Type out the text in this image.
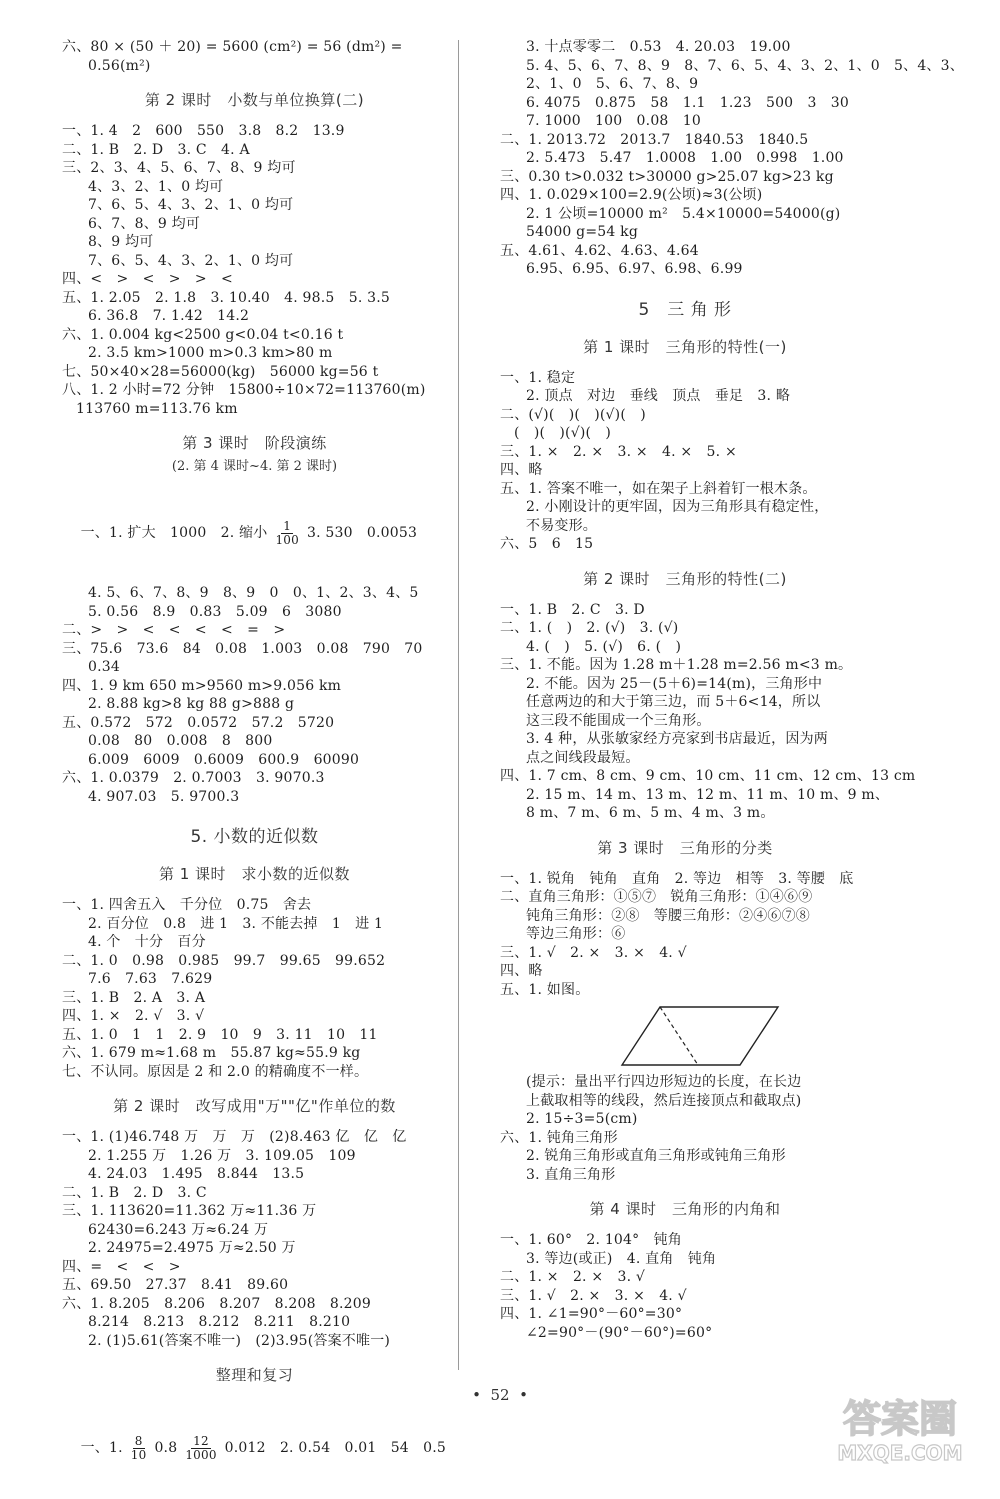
六、80 × (50 ＋ 20) = 5600 (cm²) = 56 (dm²) =
0.56(m²)
第 2 课时　小数与单位换算(二)
一、1. 4　2　600　550　3.8　8.2　13.9
二、1. B　2. D　3. C　4. A
三、2、3、4、5、6、7、8、9 均可
4、3、2、1、0 均可
7、6、5、4、3、2、1、0 均可
6、7、8、9 均可
8、9 均可
7、6、5、4、3、2、1、0 均可
四、<　>　<　>　>　<
五、1. 2.05　2. 1.8　3. 10.40　4. 98.5　5. 3.5
6. 36.8　7. 1.42　14.2
六、1. 0.004 kg<2500 g<0.04 t<0.16 t
2. 3.5 km>1000 m>0.3 km>80 m
七、50×40×28=56000(kg)　56000 kg=56 t
八、1. 2 小时=72 分钟　15800÷10×72=113760(m)
113760 m=113.76 km
第 3 课时　阶段演练
(2. 第 4 课时~4. 第 2 课时)

一、1. 扩大　1000　2. 缩小 $\frac{1}{100} 3$. 530　0.0053

4. 5、6、7、8、9　8、9　0　0、1、2、3、4、5
5. 0.56　8.9　0.83　5.09　6　3080
二、>　>　<　<　<　<　=　>
三、75.6　73.6　84　0.08　1.003　0.08　790　70
0.34
四、1. 9 km 650 m>9560 m>9.056 km
2. 8.88 kg>8 kg 88 g>888 g
五、0.572　572　0.0572　57.2　5720
0.08　80　0.008　8　800
6.009　6009　0.6009　600.9　60090
六、1. 0.0379　2. 0.7003　3. 9070.3
4. 907.03　5. 9700.3
5. 小数的近似数
第 1 课时　求小数的近似数
一、1. 四舍五入　千分位　0.75　舍去
2. 百分位　0.8　进 1　3. 不能去掉　1　进 1
4. 个　十分　百分
二、1. 0　0.98　0.985　99.7　99.65　99.652
7.6　7.63　7.629
三、1. B　2. A　3. A
四、1. ×　2. √　3. √
五、1. 0　1　1　2. 9　10　9　3. 11　10　11
六、1. 679 m≈1.68 m　55.87 kg≈55.9 kg
七、不认同。原因是 2 和 2.0 的精确度不一样。
第 2 课时　改写成用"万""亿"作单位的数
一、1. (1)46.748 万　万　万　(2)8.463 亿　亿　亿
2. 1.255 万　1.26 万　3. 109.05　109
4. 24.03　1.495　8.844　13.5
二、1. B　2. D　3. C
三、1. 113620=11.362 万≈11.36 万
62430=6.243 万≈6.24 万
2. 24975=2.4975 万≈2.50 万
四、=　<　<　>
五、69.50　27.37　8.41　89.60
六、1. 8.205　8.206　8.207　8.208　8.209
8.214　8.213　8.212　8.211　8.210
2. (1)5.61(答案不唯一)　(2)3.95(答案不唯一)
整理和复习

一、1. $\frac{8}{10} 0.8 \frac{12}{1000} 0.012$　2. 0.54　0.01　54　0.5

3. 十点零零二　0.53　4. 20.03　19.00
5. 4、5、6、7、8、9　8、7、6、5、4、3、2、1、0　5、4、3、
2、1、0　5、6、7、8、9
6. 4075　0.875　58　1.1　1.23　500　3　30
7. 1000　100　0.08　10
二、1. 2013.72　2013.7　1840.53　1840.5
2. 5.473　5.47　1.0008　1.00　0.998　1.00
三、0.30 t>0.032 t>30000 g>25.07 kg>23 kg
四、1. 0.029×100=2.9(公顷)≈3(公顷)
2. 1 公顷=10000 m²　5.4×10000=54000(g)
54000 g=54 kg
五、4.61、4.62、4.63、4.64
6.95、6.95、6.97、6.98、6.99
5　三 角 形
第 1 课时　三角形的特性(一)
一、1. 稳定
2. 顶点　对边　垂线　顶点　垂足　3. 略
二、(√)(　)(　)(√)(　)
(　)(　)(√)(　)
三、1. ×　2. ×　3. ×　4. ×　5. ×
四、略
五、1. 答案不唯一，如在架子上斜着钉一根木条。
2. 小刚设计的更牢固，因为三角形具有稳定性，
不易变形。
六、5　6　15
第 2 课时　三角形的特性(二)
一、1. B　2. C　3. D
二、1. (　)　2. (√)　3. (√)
4. (　)　5. (√)　6. (　)
三、1. 不能。因为 1.28 m＋1.28 m=2.56 m<3 m。
2. 不能。因为 25－(5＋6)=14(m)，三角形中
任意两边的和大于第三边，而 5＋6<14，所以
这三段不能围成一个三角形。
3. 4 种，从张敏家经方亮家到书店最近，因为两
点之间线段最短。
四、1. 7 cm、8 cm、9 cm、10 cm、11 cm、12 cm、13 cm
2. 15 m、14 m、13 m、12 m、11 m、10 m、9 m、
8 m、7 m、6 m、5 m、4 m、3 m。
第 3 课时　三角形的分类
一、1. 锐角　钝角　直角　2. 等边　相等　3. 等腰　底
二、直角三角形：①⑤⑦　锐角三角形：①④⑥⑨
钝角三角形：②⑧　等腰三角形：②④⑥⑦⑧
等边三角形：⑥
三、1. √　2. ×　3. ×　4. √
四、略
五、1. 如图。
(提示：量出平行四边形短边的长度，在长边
上截取相等的线段，然后连接顶点和截取点)
2. 15÷3=5(cm)
六、1. 钝角三角形
2. 锐角三角形或直角三角形或钝角三角形
3. 直角三角形
第 4 课时　三角形的内角和
一、1. 60°　2. 104°　钝角
3. 等边(或正)　4. 直角　钝角
二、1. ×　2. ×　3. √
三、1. √　2. ×　3. ×　4. √
四、1. ∠1=90°－60°=30°
∠2=90°－(90°－60°)=60°
•  52  •
答案圈
MXQE.COM
